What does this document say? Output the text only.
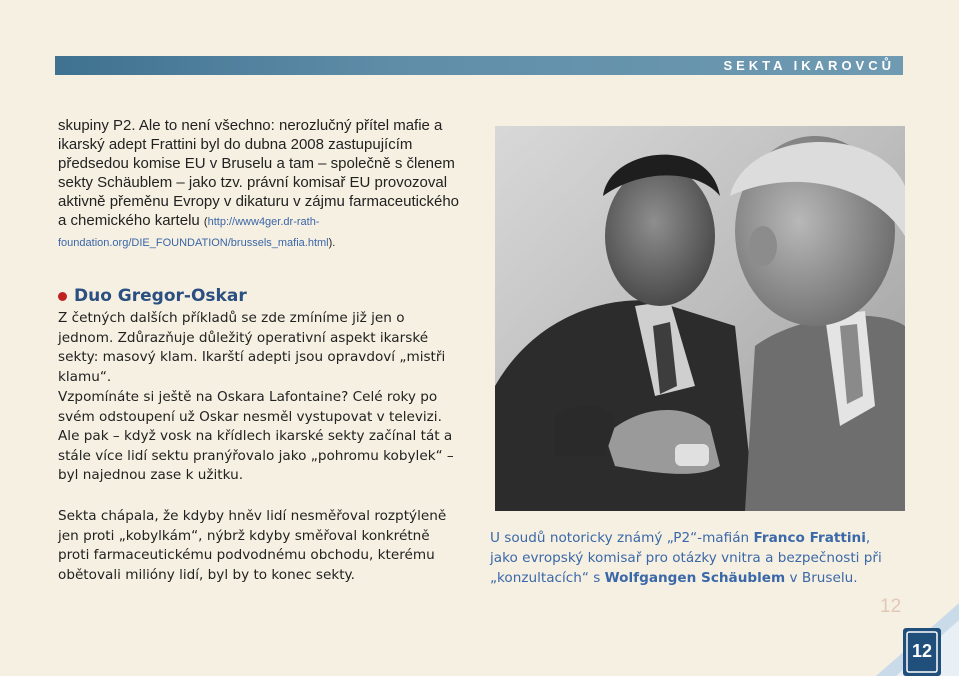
SEKTA IKAROVCŮ

skupiny P2. Ale to není všechno: nerozlučný přítel mafie a ikarský adept Frattini byl do dubna 2008 zastupujícím předsedou komise EU v Bruselu a tam – společně s členem sekty Schäublem – jako tzv. právní komisař EU provozoval aktivně přeměnu Evropy v dikaturu v zájmu farmaceutického a chemického kartelu (http://www4ger.dr-rath-foundation.org/DIE_FOUNDATION/brussels_mafia.html).

Duo Gregor-Oskar

Z četných dalších příkladů se zde zmíníme již jen o jednom. Zdůrazňuje důležitý operativní aspekt ikarské sekty: masový klam. Ikarští adepti jsou opravdoví „mistři klamu“.

Vzpomínáte si ještě na Oskara Lafontaine? Celé roky po svém odstoupení už Oskar nesměl vystupovat v televizi. Ale pak – když vosk na křídlech ikarské sekty začínal tát a stále více lidí sektu pranýřovalo jako „pohromu kobylek“ – byl najednou zase k užitku.

Sekta chápala, že kdyby hněv lidí nesměřoval rozptýleně jen proti „kobylkám“, nýbrž kdyby směřoval konkrétně proti farmaceutickému podvodnému obchodu, kterému obětovali milióny lidí, byl by to konec sekty.

U soudů notoricky známý „P2“-mafián Franco Frattini, jako evropský komisař pro otázky vnitra a bezpečnosti při „konzultacích“ s Wolfgangen Schäublem v Bruselu.
12
12
